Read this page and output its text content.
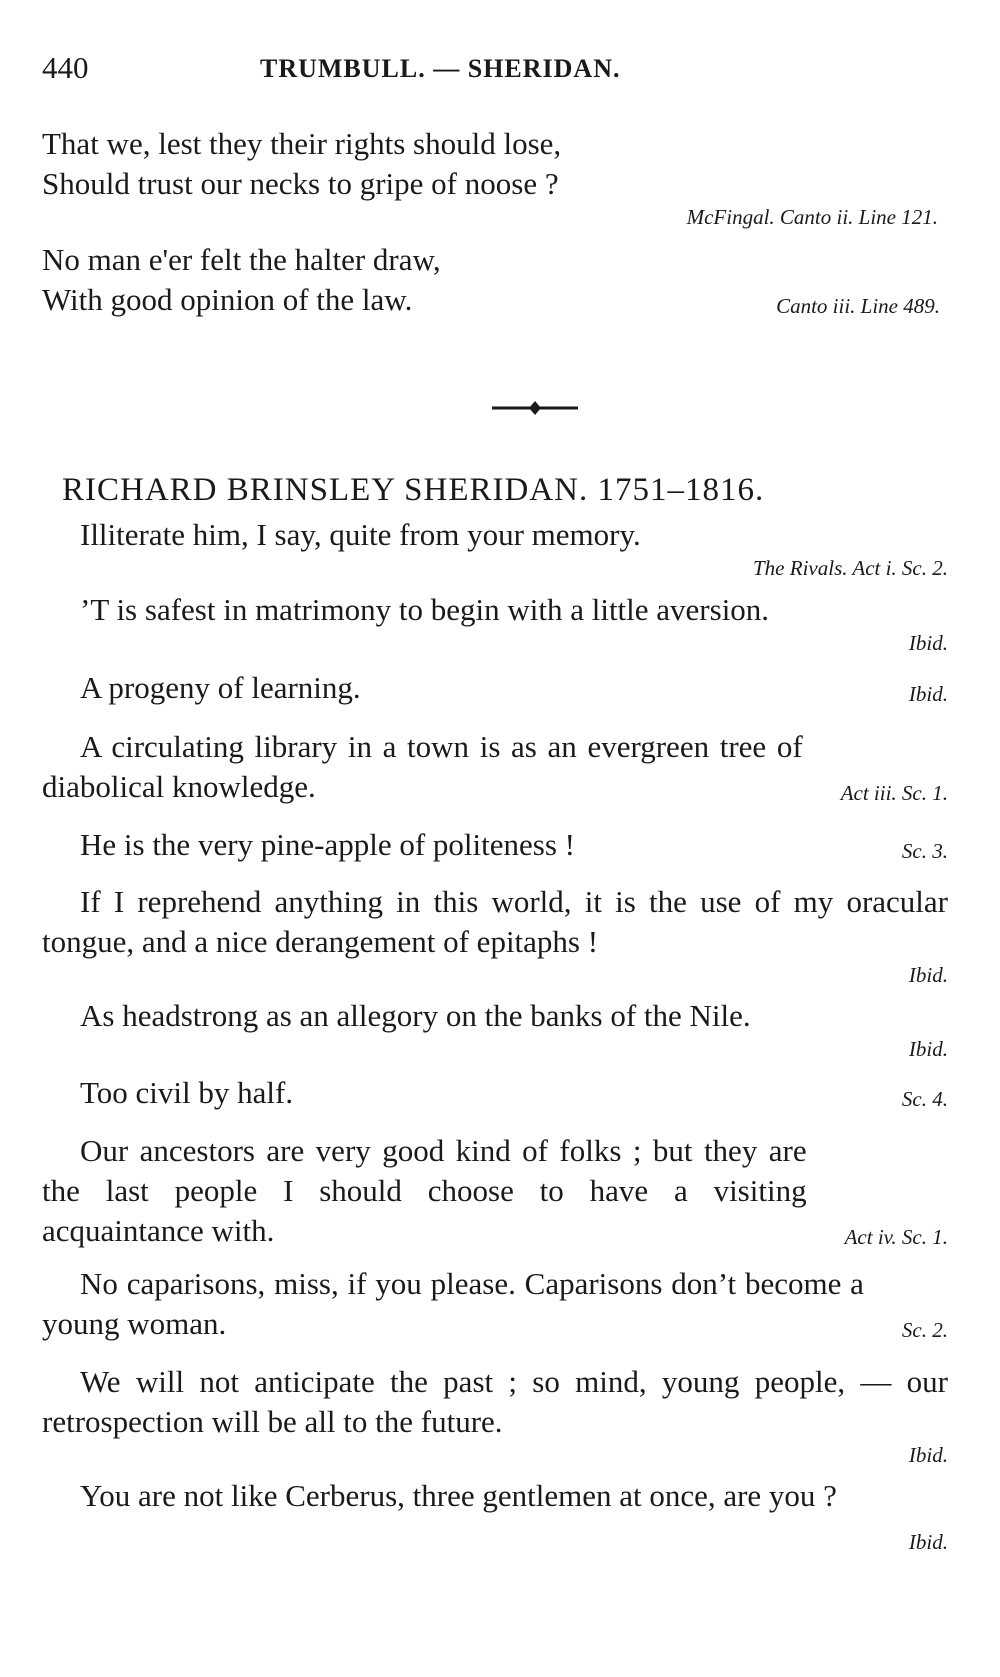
440	TRUMBULL. — SHERIDAN.
That we, lest they their rights should lose,
Should trust our necks to gripe of noose ?
McFingal. Canto ii. Line 121.
No man e'er felt the halter draw,
With good opinion of the law.	Canto iii. Line 489.
RICHARD BRINSLEY SHERIDAN. 1751–1816.
Illiterate him, I say, quite from your memory.
The Rivals. Act i. Sc. 2.
’T is safest in matrimony to begin with a little aversion.
Ibid.
Ibid.
A progeny of learning.
Act iii. Sc. 1.
A circulating library in a town is as an evergreen tree of diabolical knowledge.
Sc. 3.
He is the very pine-apple of politeness !
If I reprehend anything in this world, it is the use of my oracular tongue, and a nice derangement of epitaphs !
Ibid.
As headstrong as an allegory on the banks of the Nile.
Ibid.
Sc. 4.
Too civil by half.
Act iv. Sc. 1.
Our ancestors are very good kind of folks ; but they are the last people I should choose to have a visiting acquaintance with.
Sc. 2.
No caparisons, miss, if you please. Caparisons don’t become a young woman.
We will not anticipate the past ; so mind, young people, — our retrospection will be all to the future.
Ibid.
Ibid.
You are not like Cerberus, three gentlemen at once, are you ?
